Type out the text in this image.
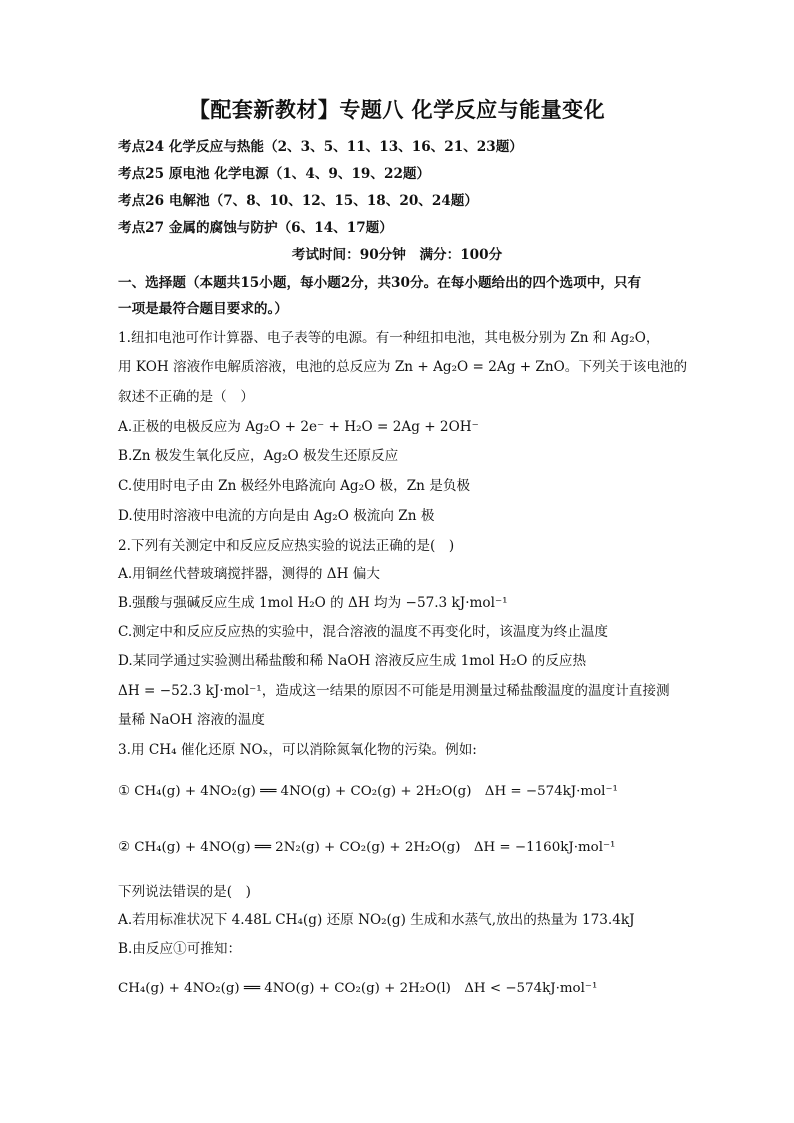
【配套新教材】专题八 化学反应与能量变化
考点24 化学反应与热能（2、3、5、11、13、16、21、23题）
考点25 原电池 化学电源（1、4、9、19、22题）
考点26 电解池（7、8、10、12、15、18、20、24题）
考点27 金属的腐蚀与防护（6、14、17题）
考试时间：90分钟　满分：100分
一、选择题（本题共15小题，每小题2分，共30分。在每小题给出的四个选项中，只有
一项是最符合题目要求的。）
1.纽扣电池可作计算器、电子表等的电源。有一种纽扣电池，其电极分别为 Zn 和 Ag₂O，
用 KOH 溶液作电解质溶液，电池的总反应为 Zn + Ag₂O = 2Ag + ZnO。下列关于该电池的
叙述不正确的是（　）
A.正极的电极反应为 Ag₂O + 2e⁻ + H₂O = 2Ag + 2OH⁻
B.Zn 极发生氧化反应，Ag₂O 极发生还原反应
C.使用时电子由 Zn 极经外电路流向 Ag₂O 极，Zn 是负极
D.使用时溶液中电流的方向是由 Ag₂O 极流向 Zn 极
2.下列有关测定中和反应反应热实验的说法正确的是(　)
A.用铜丝代替玻璃搅拌器，测得的 ΔH 偏大
B.强酸与强碱反应生成 1mol H₂O 的 ΔH 均为 −57.3 kJ·mol⁻¹
C.测定中和反应反应热的实验中，混合溶液的温度不再变化时，该温度为终止温度
D.某同学通过实验测出稀盐酸和稀 NaOH 溶液反应生成 1mol H₂O 的反应热
ΔH = −52.3 kJ·mol⁻¹，造成这一结果的原因不可能是用测量过稀盐酸温度的温度计直接测
量稀 NaOH 溶液的温度
3.用 CH₄ 催化还原 NOₓ，可以消除氮氧化物的污染。例如:
① CH₄(g) + 4NO₂(g) ══ 4NO(g) + CO₂(g) + 2H₂O(g)　ΔH = −574kJ·mol⁻¹
② CH₄(g) + 4NO(g) ══ 2N₂(g) + CO₂(g) + 2H₂O(g)　ΔH = −1160kJ·mol⁻¹
下列说法错误的是(　)
A.若用标准状况下 4.48L CH₄(g) 还原 NO₂(g) 生成和水蒸气,放出的热量为 173.4kJ
B.由反应①可推知：
CH₄(g) + 4NO₂(g) ══ 4NO(g) + CO₂(g) + 2H₂O(l)　ΔH < −574kJ·mol⁻¹
